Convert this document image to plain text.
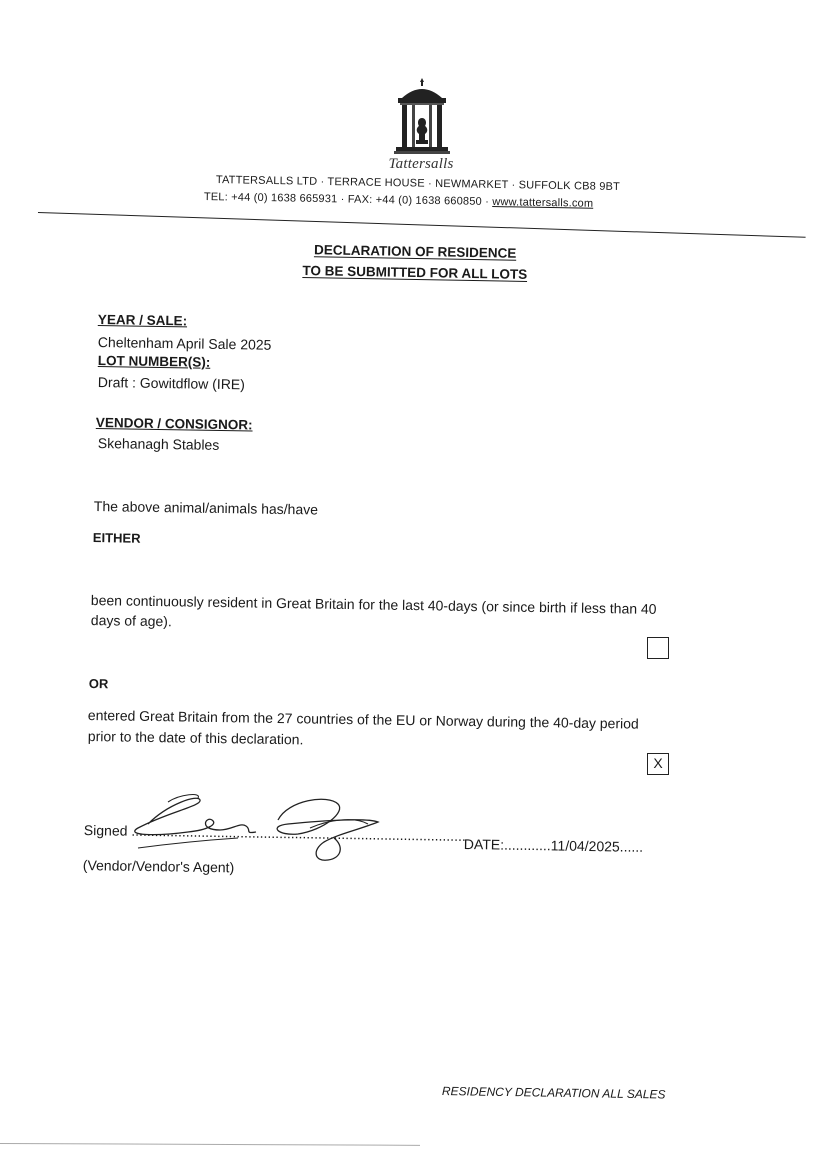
Tattersalls
TATTERSALLS LTD · TERRACE HOUSE · NEWMARKET · SUFFOLK CB8 9BT
TEL: +44 (0) 1638 665931 · FAX: +44 (0) 1638 660850 · www.tattersalls.com
DECLARATION OF RESIDENCE
TO BE SUBMITTED FOR ALL LOTS
YEAR / SALE:
Cheltenham April Sale 2025
LOT NUMBER(S):
Draft : Gowitdflow (IRE)
VENDOR / CONSIGNOR:
Skehanagh Stables
The above animal/animals has/have
EITHER
been continuously resident in Great Britain for the last 40-days (or since birth if less than 40
days of age).
OR
entered Great Britain from the 27 countries of the EU or Norway during the 40-day period
prior to the date of this declaration.
X
Signed ......................................................................................
DATE:............11/04/2025......
(Vendor/Vendor's Agent)
RESIDENCY DECLARATION ALL SALES
